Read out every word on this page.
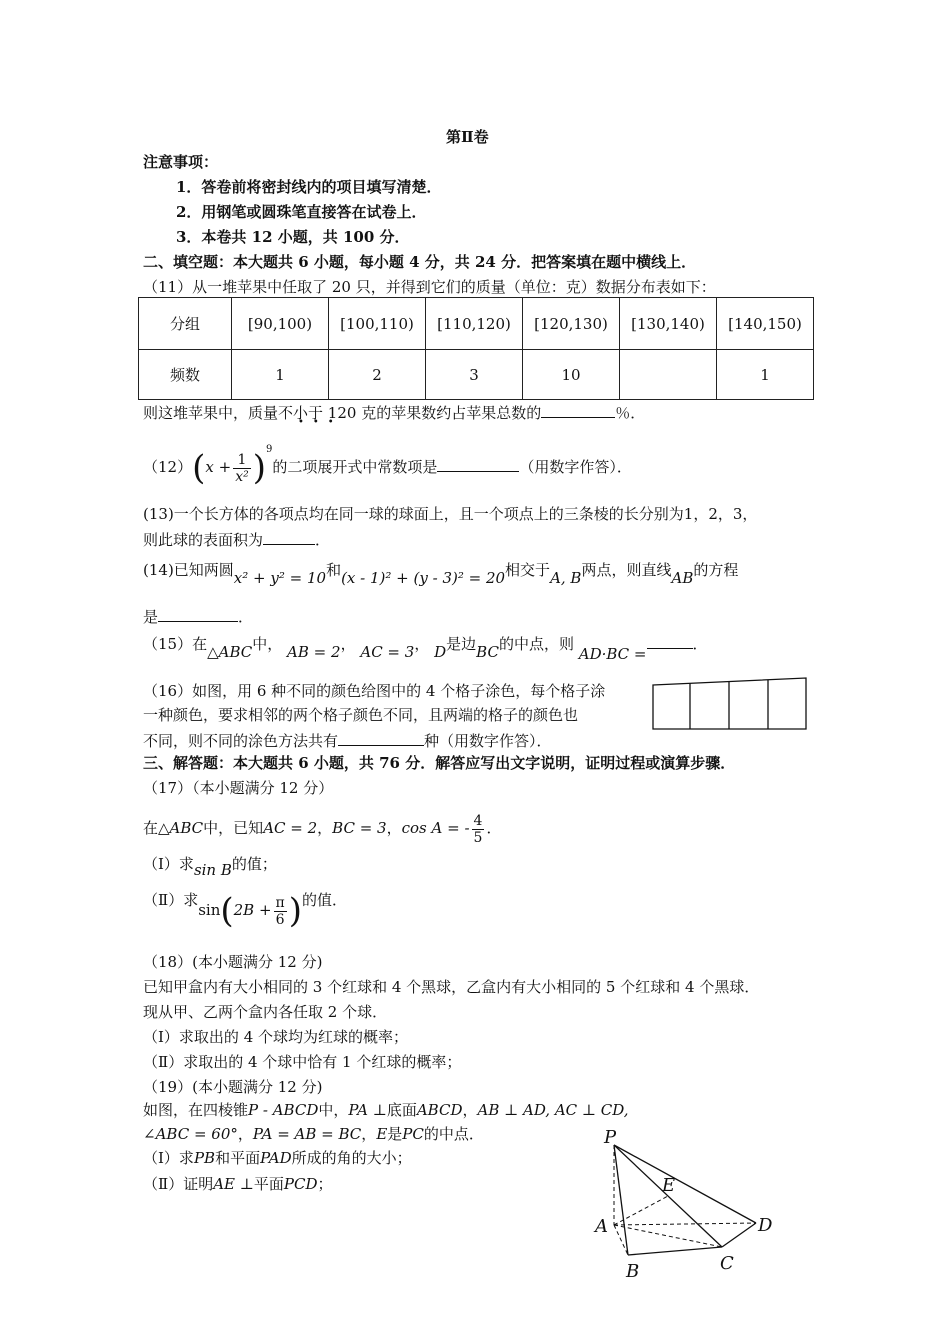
第Ⅱ卷
注意事项：
1．答卷前将密封线内的项目填写清楚．
2．用钢笔或圆珠笔直接答在试卷上．
3．本卷共 12 小题，共 100 分．
二、填空题：本大题共 6 小题，每小题 4 分，共 24 分．把答案填在题中横线上．
（11）从一堆苹果中任取了 20 只，并得到它们的质量（单位：克）数据分布表如下：
分组	[90,100)	[100,110)	[110,120)	[120,130)	[130,140)	[140,150)
频数	1	2	3	10		1
则这堆苹果中，质量不小于 120 克的苹果数约占苹果总数的	％．
•••
$(12)(x + \frac{1}{\text{x²}} )^9$的二项展开式中常数项是	（用数字作答）．
(13)一个长方体的各项点均在同一球的球面上，且一个项点上的三条棱的长分别为1，2，3，
则此球的表面积为	．
(14)已知两圆x² + y² = 10和(x - 1)² + (y - 3)² = 20相交于A, B两点，则直线AB的方程
是	．
（15）在△ABC中， AB = 2， AC = 3， D是边BC的中点，则 AD·BC =．
（16）如图，用 6 种不同的颜色给图中的 4 个格子涂色，每个格子涂
一种颜色，要求相邻的两个格子颜色不同，且两端的格子的颜色也
不同，则不同的涂色方法共有	种（用数字作答）．
三、解答题：本大题共 6 小题，共 76 分．解答应写出文字说明，证明过程或演算步骤．
（17）（本小题满分 12 分）
在△ABC中，已知AC = 2，BC = 3，cos A = - $\frac{4}{5}$ ．
（Ⅰ）求sin B的值；
（Ⅱ）求$\sin(2B + \frac{\pi}{6}$ )的值．
（18）(本小题满分 12 分)
已知甲盒内有大小相同的 3 个红球和 4 个黑球，乙盒内有大小相同的 5 个红球和 4 个黑球．
现从甲、乙两个盒内各任取 2 个球．
（Ⅰ）求取出的 4 个球均为红球的概率；
（Ⅱ）求取出的 4 个球中恰有 1 个红球的概率；
（19）(本小题满分 12 分)
如图，在四棱锥P - ABCD中，PA ⊥底面ABCD，AB ⊥ AD, AC ⊥ CD,
∠ABC = 60°，PA = AB = BC，E是PC的中点．
（Ⅰ）求PB和平面PAD所成的角的大小；
（Ⅱ）证明AE ⊥平面PCD；
P
E
A	D
C
B
